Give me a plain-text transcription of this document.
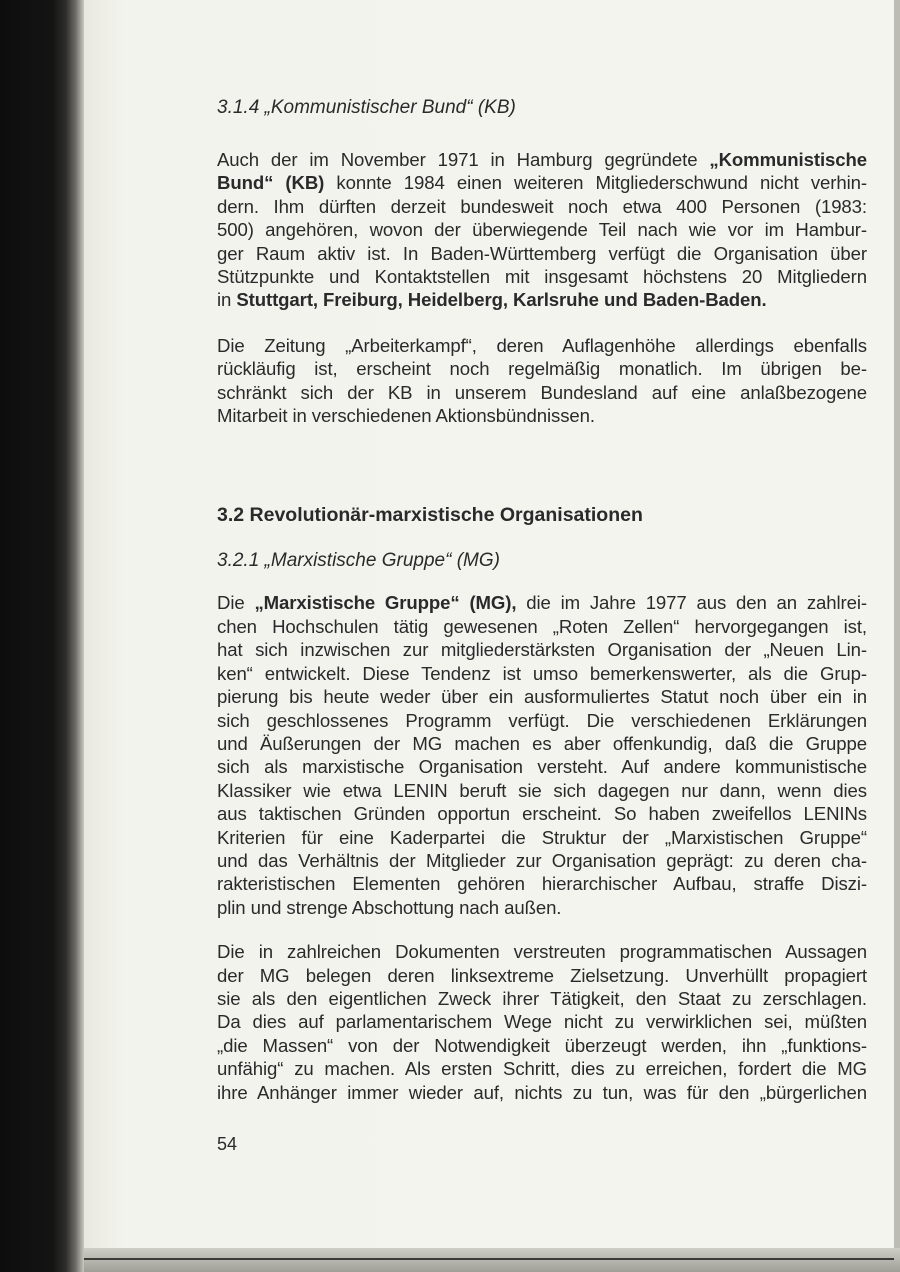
3.1.4 „Kommunistischer Bund“ (KB)

Auch der im November 1971 in Hamburg gegründete „Kommunistische
Bund“ (KB) konnte 1984 einen weiteren Mitgliederschwund nicht verhin-
dern. Ihm dürften derzeit bundesweit noch etwa 400 Personen (1983:
500) angehören, wovon der überwiegende Teil nach wie vor im Hambur-
ger Raum aktiv ist. In Baden-Württemberg verfügt die Organisation über
Stützpunkte und Kontaktstellen mit insgesamt höchstens 20 Mitgliedern
in Stuttgart, Freiburg, Heidelberg, Karlsruhe und Baden-Baden.
Die Zeitung „Arbeiterkampf“, deren Auflagenhöhe allerdings ebenfalls
rückläufig ist, erscheint noch regelmäßig monatlich. Im übrigen be-
schränkt sich der KB in unserem Bundesland auf eine anlaßbezogene
Mitarbeit in verschiedenen Aktionsbündnissen.

3.2 Revolutionär-marxistische Organisationen

3.2.1 „Marxistische Gruppe“ (MG)

Die „Marxistische Gruppe“ (MG), die im Jahre 1977 aus den an zahlrei-
chen Hochschulen tätig gewesenen „Roten Zellen“ hervorgegangen ist,
hat sich inzwischen zur mitgliederstärksten Organisation der „Neuen Lin-
ken“ entwickelt. Diese Tendenz ist umso bemerkenswerter, als die Grup-
pierung bis heute weder über ein ausformuliertes Statut noch über ein in
sich geschlossenes Programm verfügt. Die verschiedenen Erklärungen
und Äußerungen der MG machen es aber offenkundig, daß die Gruppe
sich als marxistische Organisation versteht. Auf andere kommunistische
Klassiker wie etwa LENIN beruft sie sich dagegen nur dann, wenn dies
aus taktischen Gründen opportun erscheint. So haben zweifellos LENINs
Kriterien für eine Kaderpartei die Struktur der „Marxistischen Gruppe“
und das Verhältnis der Mitglieder zur Organisation geprägt: zu deren cha-
rakteristischen Elementen gehören hierarchischer Aufbau, straffe Diszi-
plin und strenge Abschottung nach außen.
Die in zahlreichen Dokumenten verstreuten programmatischen Aussagen
der MG belegen deren linksextreme Zielsetzung. Unverhüllt propagiert
sie als den eigentlichen Zweck ihrer Tätigkeit, den Staat zu zerschlagen.
Da dies auf parlamentarischem Wege nicht zu verwirklichen sei, müßten
„die Massen“ von der Notwendigkeit überzeugt werden, ihn „funktions-
unfähig“ zu machen. Als ersten Schritt, dies zu erreichen, fordert die MG
ihre Anhänger immer wieder auf, nichts zu tun, was für den „bürgerlichen
54
